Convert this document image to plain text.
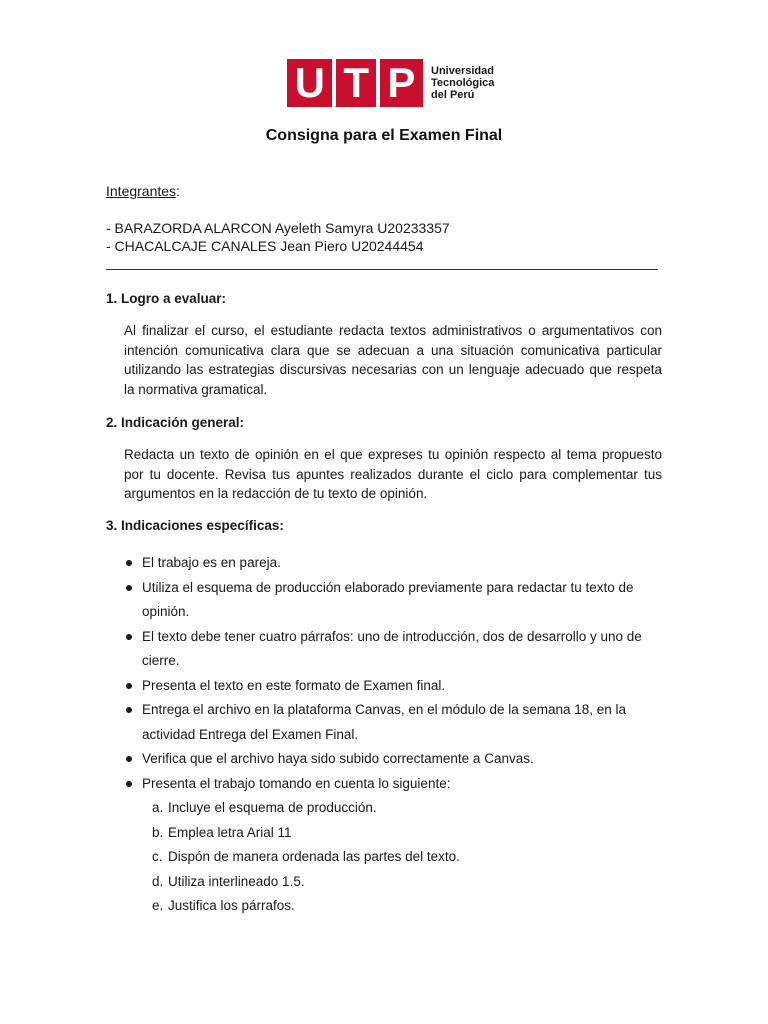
U T P Universidad
Tecnológica
del Perú
Consigna para el Examen Final
Integrantes:
- BARAZORDA ALARCON Ayeleth Samyra U20233357
- CHACALCAJE CANALES Jean Piero U20244454
1. Logro a evaluar:
Al finalizar el curso, el estudiante redacta textos administrativos o argumentativos con intención comunicativa clara que se adecuan a una situación comunicativa particular utilizando las estrategias discursivas necesarias con un lenguaje adecuado que respeta la normativa gramatical.
2. Indicación general:
Redacta un texto de opinión en el que expreses tu opinión respecto al tema propuesto por tu docente. Revisa tus apuntes realizados durante el ciclo para complementar tus argumentos en la redacción de tu texto de opinión.
3. Indicaciones específicas:
El trabajo es en pareja.
Utiliza el esquema de producción elaborado previamente para redactar tu texto de opinión.
El texto debe tener cuatro párrafos: uno de introducción, dos de desarrollo y uno de cierre.
Presenta el texto en este formato de Examen final.
Entrega el archivo en la plataforma Canvas, en el módulo de la semana 18, en la actividad Entrega del Examen Final.
Verifica que el archivo haya sido subido correctamente a Canvas.
Presenta el trabajo tomando en cuenta lo siguiente:
a. Incluye el esquema de producción.
b. Emplea letra Arial 11
c. Dispón de manera ordenada las partes del texto.
d. Utiliza interlineado 1.5.
e. Justifica los párrafos.
